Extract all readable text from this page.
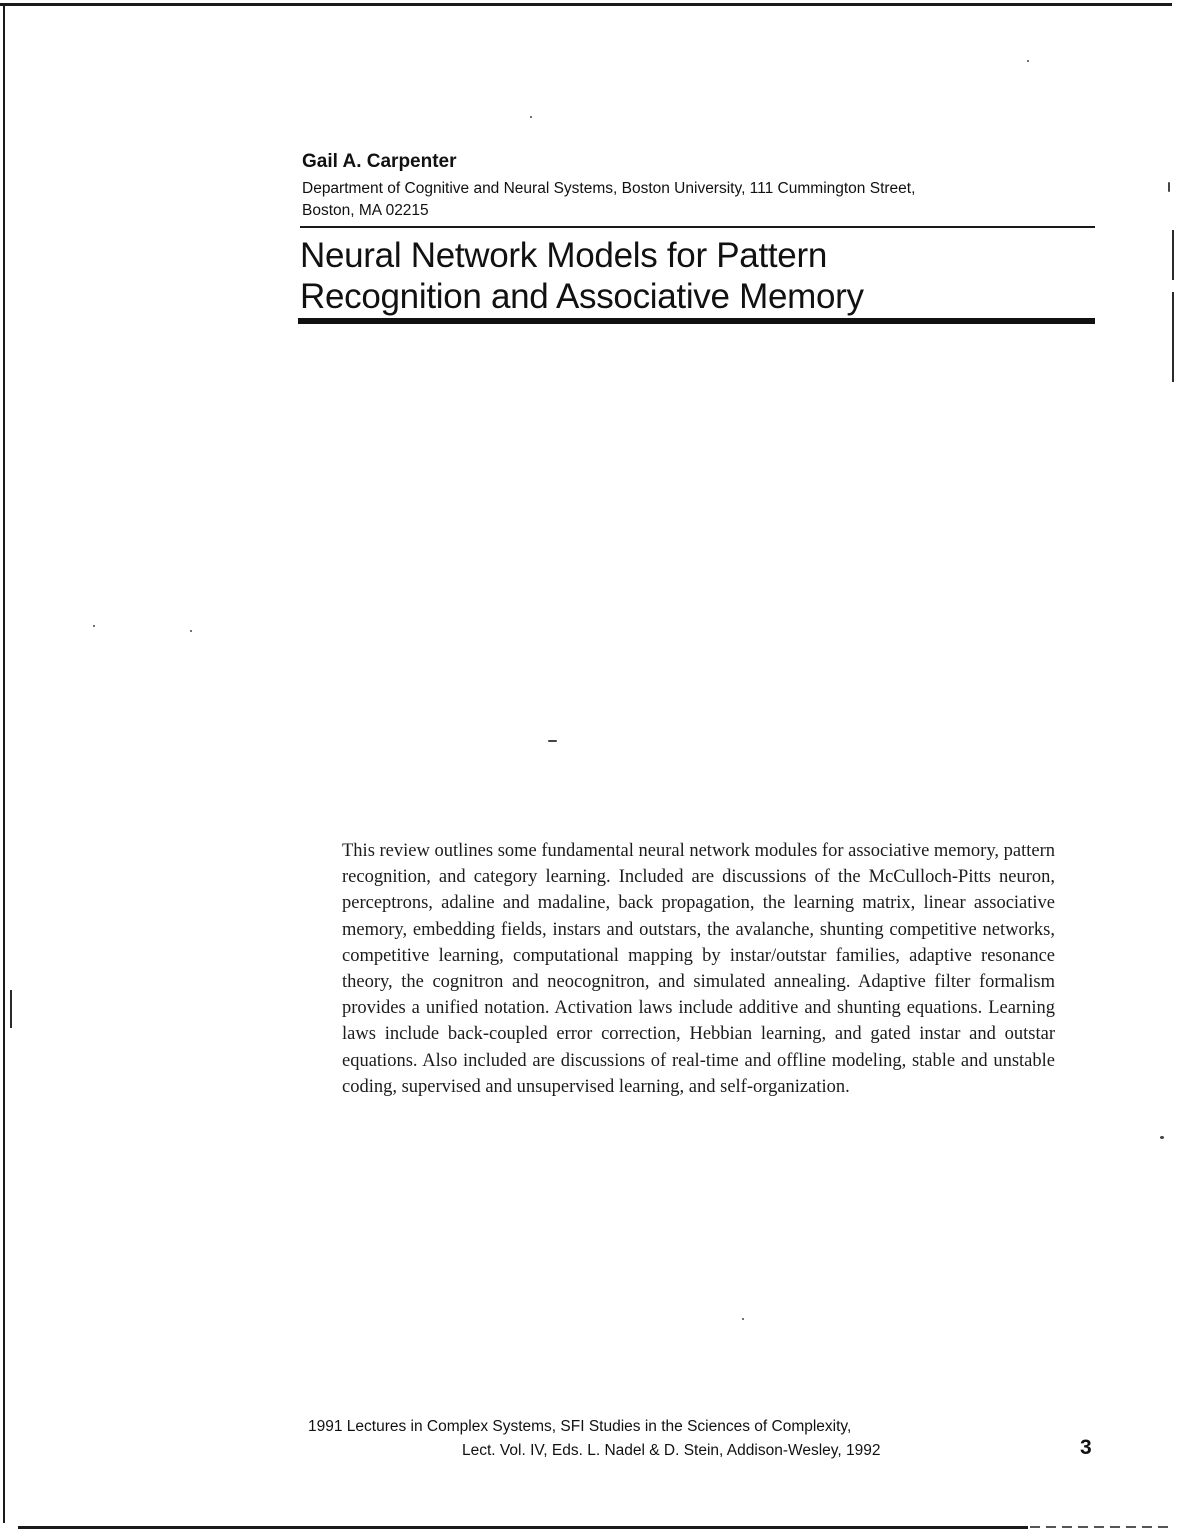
Gail A. Carpenter

Department of Cognitive and Neural Systems, Boston University, 111 Cummington Street,
Boston, MA 02215
Neural Network Models for Pattern
Recognition and Associative Memory

This review outlines some fundamental neural network modules for associative memory, pattern recognition, and category learning. Included are discussions of the McCulloch-Pitts neuron, perceptrons, adaline and madaline, back propagation, the learning matrix, linear associative memory, embedding fields, instars and outstars, the avalanche, shunting competitive networks, competitive learning, computational mapping by instar/outstar families, adaptive resonance theory, the cognitron and neocognitron, and simulated annealing. Adaptive filter formalism provides a unified notation. Activation laws include additive and shunting equations. Learning laws include back-coupled error correction, Hebbian learning, and gated instar and outstar equations. Also included are discussions of real-time and offline modeling, stable and unstable coding, supervised and unsupervised learning, and self-organization.

1991 Lectures in Complex Systems, SFI Studies in the Sciences of Complexity,

Lect. Vol. IV, Eds. L. Nadel & D. Stein, Addison-Wesley, 1992	3
